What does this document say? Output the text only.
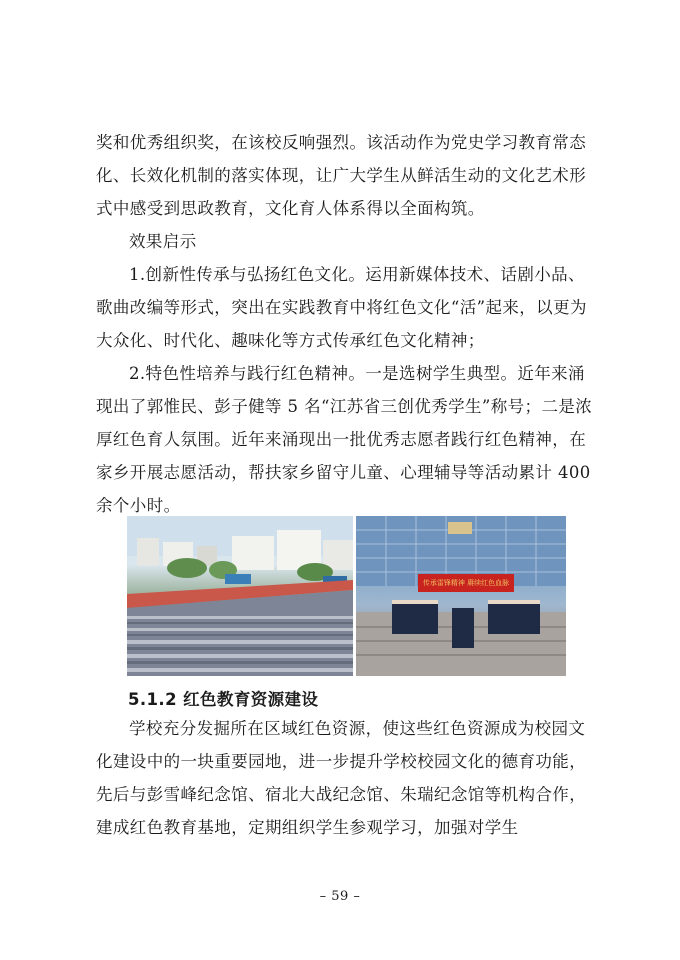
奖和优秀组织奖，在该校反响强烈。该活动作为党史学习教育常态化、长效化机制的落实体现，让广大学生从鲜活生动的文化艺术形式中感受到思政教育，文化育人体系得以全面构筑。

效果启示

1.创新性传承与弘扬红色文化。运用新媒体技术、话剧小品、歌曲改编等形式，突出在实践教育中将红色文化“活”起来，以更为大众化、时代化、趣味化等方式传承红色文化精神；

2.特色性培养与践行红色精神。一是选树学生典型。近年来涌现出了郭惟民、彭子健等 5 名“江苏省三创优秀学生”称号；二是浓厚红色育人氛围。近年来涌现出一批优秀志愿者践行红色精神，在家乡开展志愿活动，帮扶家乡留守儿童、心理辅导等活动累计 400 余个小时。

传承雷锋精神 赓续红色血脉
5.1.2 红色教育资源建设

学校充分发掘所在区域红色资源，使这些红色资源成为校园文化建设中的一块重要园地，进一步提升学校校园文化的德育功能，先后与彭雪峰纪念馆、宿北大战纪念馆、朱瑞纪念馆等机构合作，建成红色教育基地，定期组织学生参观学习，加强对学生

– 59 –
